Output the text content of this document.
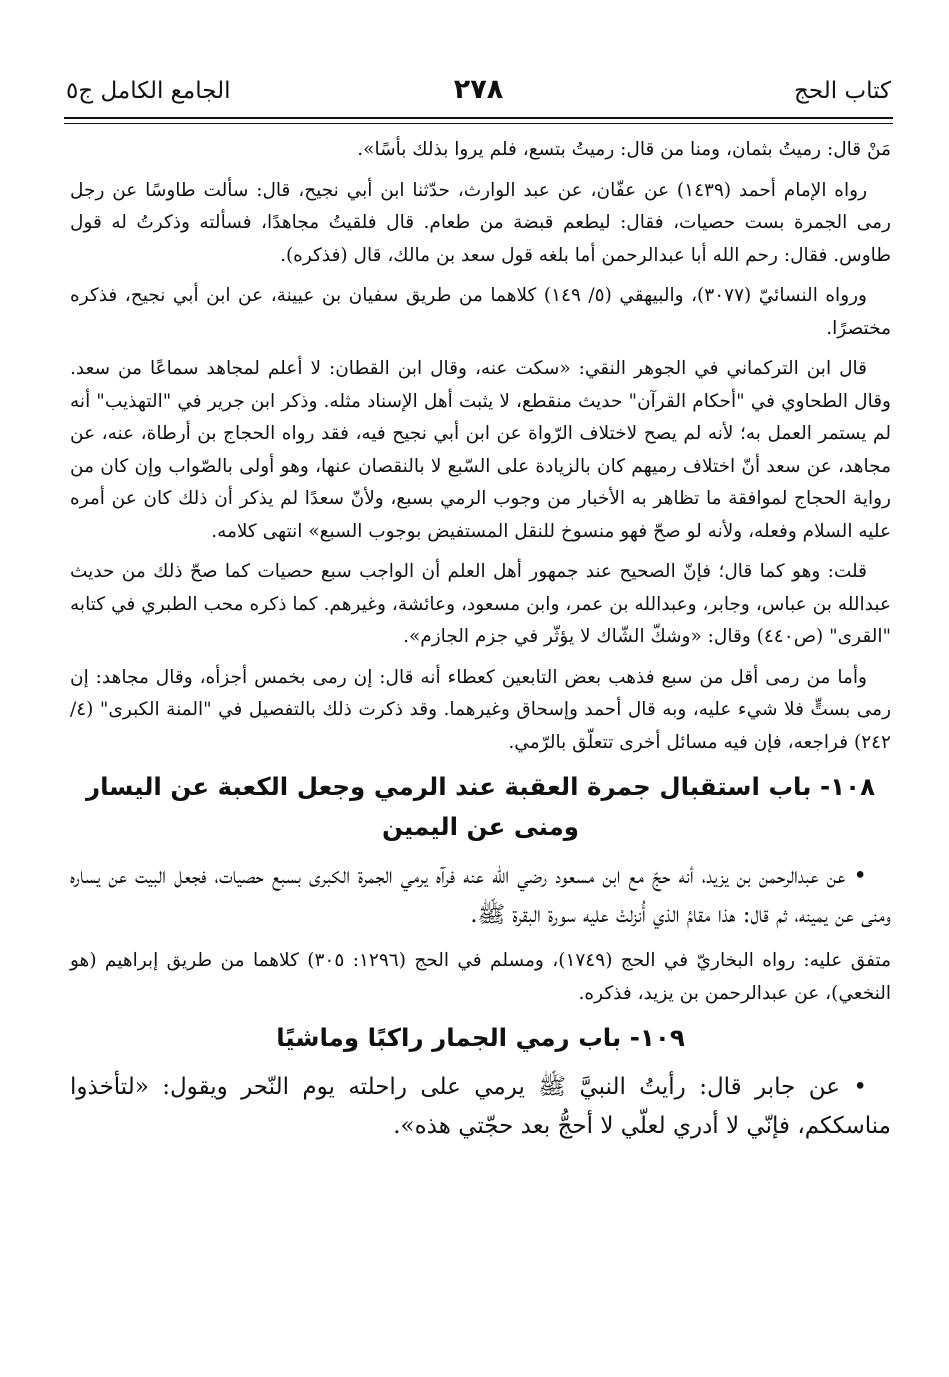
كتاب الحج
٢٧٨
الجامع الكامل ج٥

مَنْ قال: رميتُ بثمان، ومنا من قال: رميتُ بتسع، فلم يروا بذلك بأسًا».

رواه الإمام أحمد (١٤٣٩) عن عفّان، عن عبد الوارث، حدّثنا ابن أبي نجيح، قال: سألت طاوسًا عن رجل رمى الجمرة بست حصيات، فقال: ليطعم قبضة من طعام. قال فلقيتُ مجاهدًا، فسألته وذكرتُ له قول طاوس. فقال: رحم الله أبا عبدالرحمن أما بلغه قول سعد بن مالك، قال (فذكره).

ورواه النسائيّ (٣٠٧٧)، والبيهقي (٥/ ١٤٩) كلاهما من طريق سفيان بن عيينة، عن ابن أبي نجيح، فذكره مختصرًا.

قال ابن التركماني في الجوهر النقي: «سكت عنه، وقال ابن القطان: لا أعلم لمجاهد سماعًا من سعد. وقال الطحاوي في "أحكام القرآن" حديث منقطع، لا يثبت أهل الإسناد مثله. وذكر ابن جرير في "التهذيب" أنه لم يستمر العمل به؛ لأنه لم يصح لاختلاف الرّواة عن ابن أبي نجيح فيه، فقد رواه الحجاج بن أرطاة، عنه، عن مجاهد، عن سعد أنّ اختلاف رميهم كان بالزيادة على السّبع لا بالنقصان عنها، وهو أولى بالصّواب وإن كان من رواية الحجاج لموافقة ما تظاهر به الأخبار من وجوب الرمي بسبع، ولأنّ سعدًا لم يذكر أن ذلك كان عن أمره عليه السلام وفعله، ولأنه لو صحّ فهو منسوخ للنقل المستفيض بوجوب السبع» انتهى كلامه.

قلت: وهو كما قال؛ فإنّ الصحيح عند جمهور أهل العلم أن الواجب سبع حصيات كما صحّ ذلك من حديث عبدالله بن عباس، وجابر، وعبدالله بن عمر، وابن مسعود، وعائشة، وغيرهم. كما ذكره محب الطبري في كتابه "القرى" (ص٤٤٠) وقال: «وشكّ الشّاك لا يؤثّر في جزم الجازم».

وأما من رمى أقل من سبع فذهب بعض التابعين كعطاء أنه قال: إن رمى بخمس أجزأه، وقال مجاهد: إن رمى بستٍّ فلا شيء عليه، وبه قال أحمد وإسحاق وغيرهما. وقد ذكرت ذلك بالتفصيل في "المنة الكبرى" (٤/ ٢٤٢) فراجعه، فإن فيه مسائل أخرى تتعلّق بالرّمي.

١٠٨- باب استقبال جمرة العقبة عند الرمي وجعل الكعبة عن اليسار ومنى عن اليمين

• عن عبدالرحمن بن يزيد، أنه حجّ مع ابن مسعود رضي الله عنه فرآه يرمي الجمرة الكبرى بسبع حصيات، فجعل البيت عن يساره ومنى عن يمينه، ثم قال: هذا مقامُ الذي أُنزلتْ عليه سورة البقرة ﷺ.

متفق عليه: رواه البخاريّ في الحج (١٧٤٩)، ومسلم في الحج (١٢٩٦: ٣٠٥) كلاهما من طريق إبراهيم (هو النخعي)، عن عبدالرحمن بن يزيد، فذكره.

١٠٩- باب رمي الجمار راكبًا وماشيًا

• عن جابر قال: رأيتُ النبيَّ ﷺ يرمي على راحلته يوم النّحر ويقول: «لتأخذوا مناسككم، فإنّي لا أدري لعلّي لا أحجُّ بعد حجّتي هذه».
